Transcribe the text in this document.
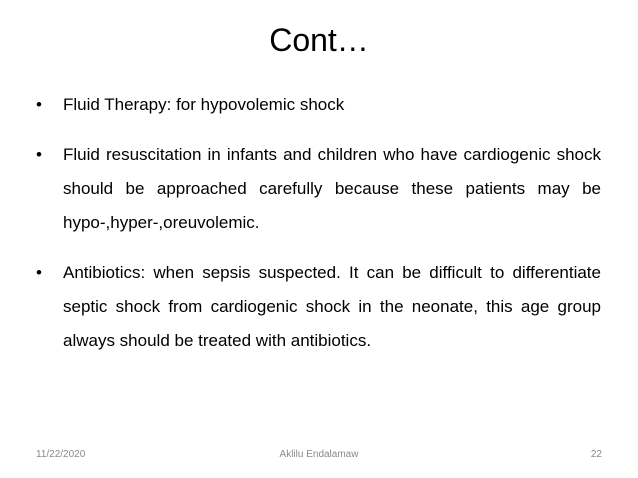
Cont…
•	Fluid Therapy: for hypovolemic shock
•	Fluid resuscitation in infants and children who have cardiogenic shock should be approached carefully because these patients may be hypo-,hyper-,oreuvolemic.
•	Antibiotics: when sepsis suspected. It can be difficult to differentiate septic shock from cardiogenic shock in the neonate, this age group always should be treated with antibiotics.
11/22/2020	Aklilu Endalamaw	22
